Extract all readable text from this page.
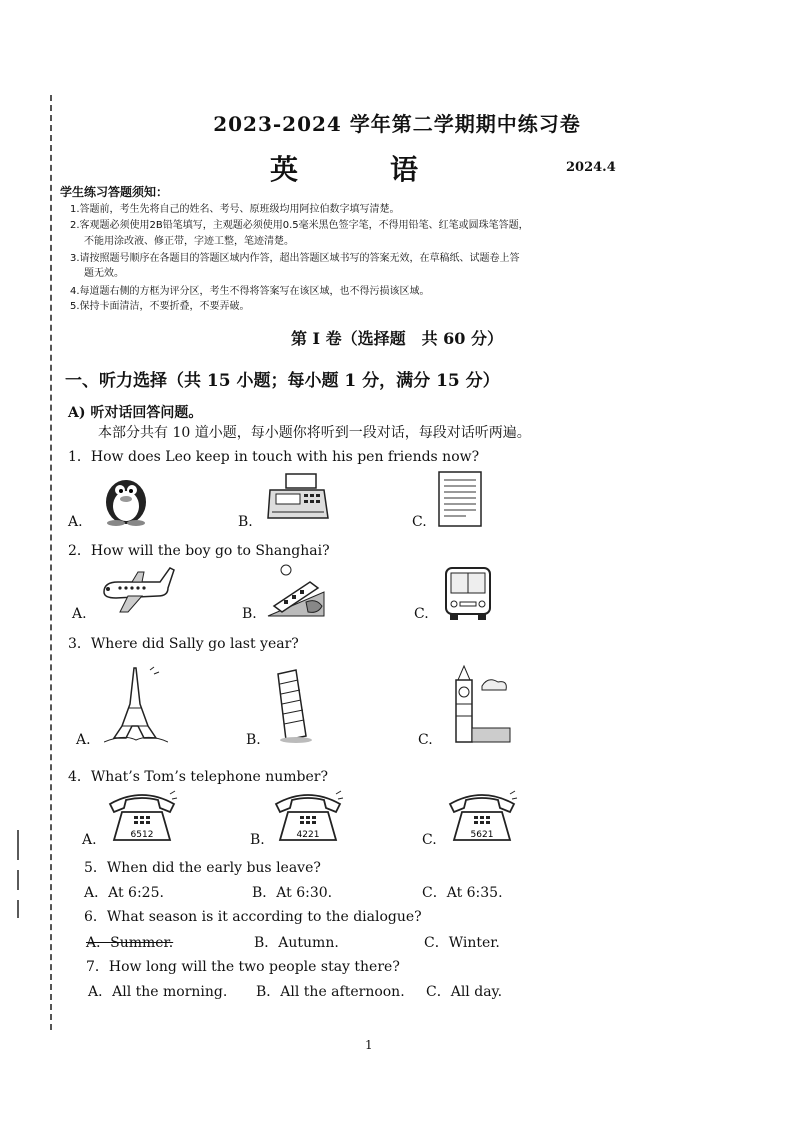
2023-2024 学年第二学期期中练习卷
英	语	2024.4
学生练习答题须知：
1.答题前，考生先将自己的姓名、考号、原班级均用阿拉伯数字填写清楚。
2.客观题必须使用2B铅笔填写，主观题必须使用0.5毫米黑色签字笔，不得用铅笔、红笔或圆珠笔答题，
不能用涂改液、修正带，字迹工整，笔迹清楚。
3.请按照题号顺序在各题目的答题区域内作答，超出答题区域书写的答案无效，在草稿纸、试题卷上答
题无效。
4.每道题右侧的方框为评分区，考生不得将答案写在该区域，也不得污损该区域。
5.保持卡面清洁，不要折叠，不要弄破。
第 I 卷（选择题　共 60 分）
一、听力选择（共 15 小题；每小题 1 分，满分 15 分）
A) 听对话回答问题。
本部分共有 10 道小题，每小题你将听到一段对话，每段对话听两遍。
1．How does Leo keep in touch with his pen friends now?
A.	B.	C.
2．How will the boy go to Shanghai?
A.	B.	C.
3．Where did Sally go last year?
A.	B.	C.
4．What’s Tom’s telephone number?
A.	6512	B.	4221	C.	5621
5．When did the early bus leave?
A．At 6:25.	B．At 6:30.	C．At 6:35.
6．What season is it according to the dialogue?
A．Summer.	B．Autumn.	C．Winter.
7．How long will the two people stay there?
A．All the morning. B．All the afternoon. C．All day.
1
